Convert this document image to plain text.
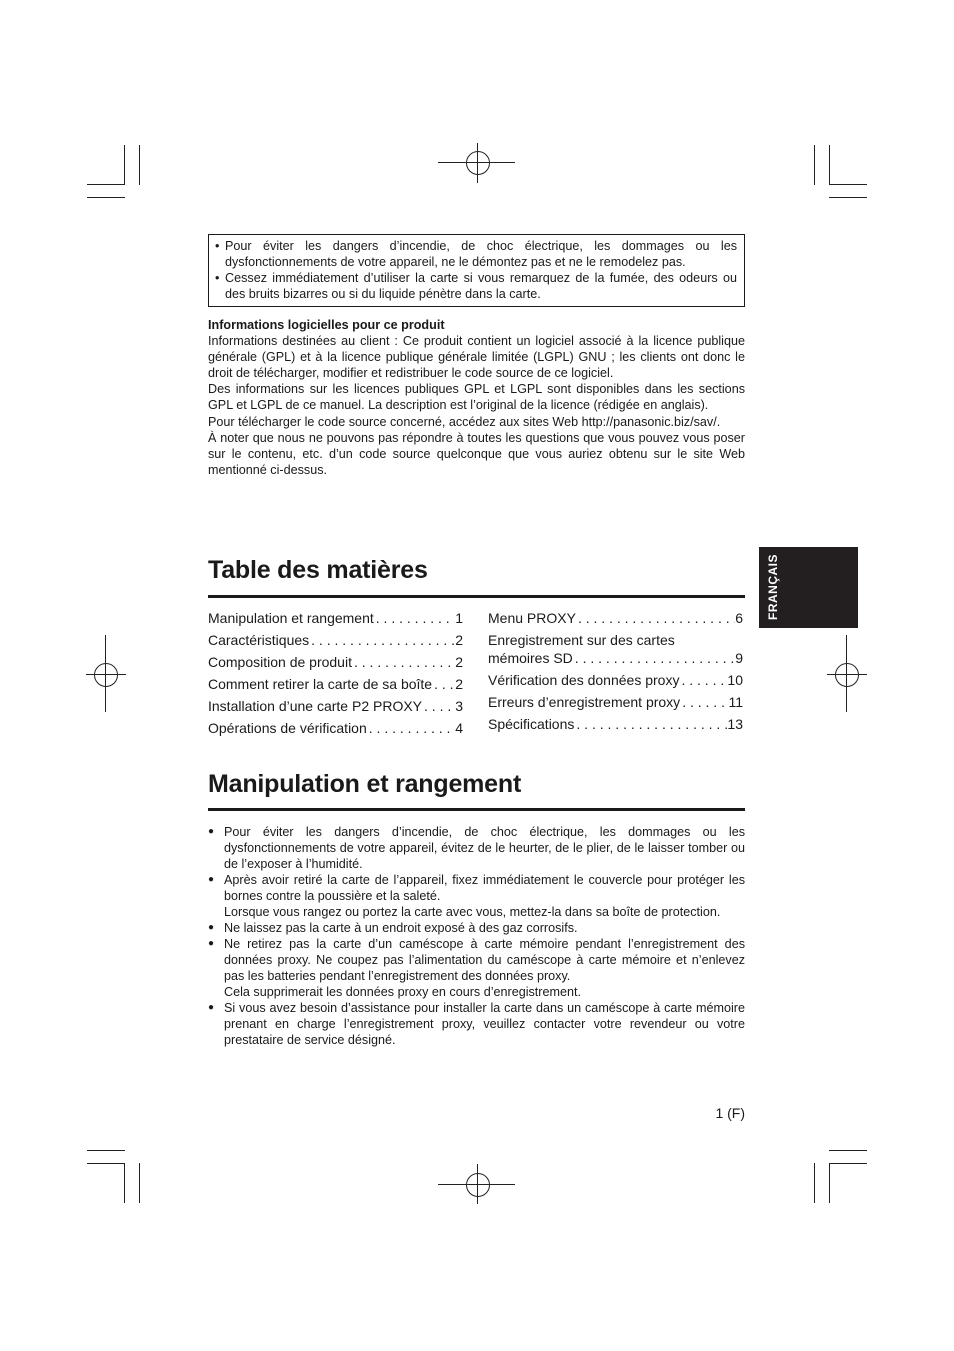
FRANÇAIS
• Pour éviter les dangers d’incendie, de choc électrique, les dommages ou les dysfonctionnements de votre appareil, ne le démontez pas et ne le remodelez pas.
• Cessez immédiatement d’utiliser la carte si vous remarquez de la fumée, des odeurs ou des bruits bizarres ou si du liquide pénètre dans la carte.
Informations logicielles pour ce produit

Informations destinées au client : Ce produit contient un logiciel associé à la licence publique générale (GPL) et à la licence publique générale limitée (LGPL) GNU ; les clients ont donc le droit de télécharger, modifier et redistribuer le code source de ce logiciel.

Des informations sur les licences publiques GPL et LGPL sont disponibles dans les sections GPL et LGPL de ce manuel. La description est l’original de la licence (rédigée en anglais).

Pour télécharger le code source concerné, accédez aux sites Web http://panasonic.biz/sav/.

À noter que nous ne pouvons pas répondre à toutes les questions que vous pouvez vous poser sur le contenu, etc. d’un code source quelconque que vous auriez obtenu sur le site Web mentionné ci-dessus.

Table des matières
Manipulation et rangement . . .	1
Caractéristiques . . .	2
Composition de produit . . .	2
Comment retirer la carte de sa boîte . . . 2
Installation d’une carte P2 PROXY . . . 3
Opérations de vérification . . .	4
Menu PROXY . . .	6
Enregistrement sur des cartes
mémoires SD . . .	9
Vérification des données proxy . . .	10
Erreurs d’enregistrement proxy . . .	11
Spécifications . . .	13
Manipulation et rangement
● Pour éviter les dangers d’incendie, de choc électrique, les dommages ou les dysfonctionnements de votre appareil, évitez de le heurter, de le plier, de le laisser tomber ou de l’exposer à l’humidité.

● Après avoir retiré la carte de l’appareil, fixez immédiatement le couvercle pour protéger les bornes contre la poussière et la saleté.

Lorsque vous rangez ou portez la carte avec vous, mettez-la dans sa boîte de protection.

● Ne laissez pas la carte à un endroit exposé à des gaz corrosifs.

● Ne retirez pas la carte d’un caméscope à carte mémoire pendant l’enregistrement des données proxy. Ne coupez pas l’alimentation du caméscope à carte mémoire et n’enlevez pas les batteries pendant l’enregistrement des données proxy.

Cela supprimerait les données proxy en cours d’enregistrement.

● Si vous avez besoin d’assistance pour installer la carte dans un caméscope à carte mémoire prenant en charge l’enregistrement proxy, veuillez contacter votre revendeur ou votre prestataire de service désigné.

1 (F)
